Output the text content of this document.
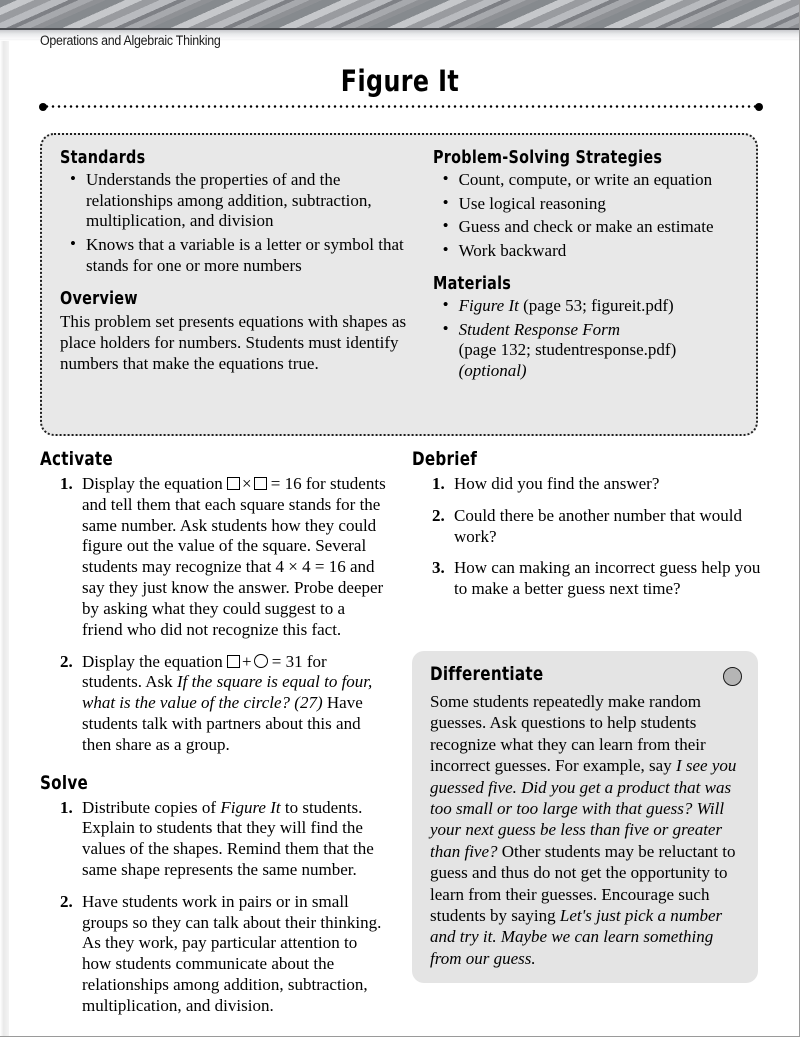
Operations and Algebraic Thinking
Figure It
Standards
• Understands the properties of and the relationships among addition, subtraction, multiplication, and division
• Knows that a variable is a letter or symbol that stands for one or more numbers
Overview

This problem set presents equations with shapes as place holders for numbers. Students must identify numbers that make the equations true.

Problem-Solving Strategies
• Count, compute, or write an equation
• Use logical reasoning
• Guess and check or make an estimate
• Work backward
Materials
• Figure It (page 53; figureit.pdf)
• Student Response Form
(page 132; studentresponse.pdf)
(optional)
Activate
Display the equation × = 16 for students and tell them that each square stands for the same number. Ask students how they could figure out the value of the square. Several students may recognize that 4 × 4 = 16 and say they just know the answer. Probe deeper by asking what they could suggest to a friend who did not recognize this fact.
Display the equation + = 31 for students. Ask If the square is equal to four, what is the value of the circle? (27) Have students talk with partners about this and then share as a group.
Solve
Distribute copies of Figure It to students. Explain to students that they will find the values of the shapes. Remind them that the same shape represents the same number.
Have students work in pairs or in small groups so they can talk about their thinking. As they work, pay particular attention to how students communicate about the relationships among addition, subtraction, multiplication, and division.
Debrief
How did you find the answer?
Could there be another number that would work?
How can making an incorrect guess help you to make a better guess next time?
Differentiate

Some students repeatedly make random guesses. Ask questions to help students recognize what they can learn from their incorrect guesses. For example, say I see you guessed five. Did you get a product that was too small or too large with that guess? Will your next guess be less than five or greater than five? Other students may be reluctant to guess and thus do not get the opportunity to learn from their guesses. Encourage such students by saying Let's just pick a number and try it. Maybe we can learn something from our guess.
